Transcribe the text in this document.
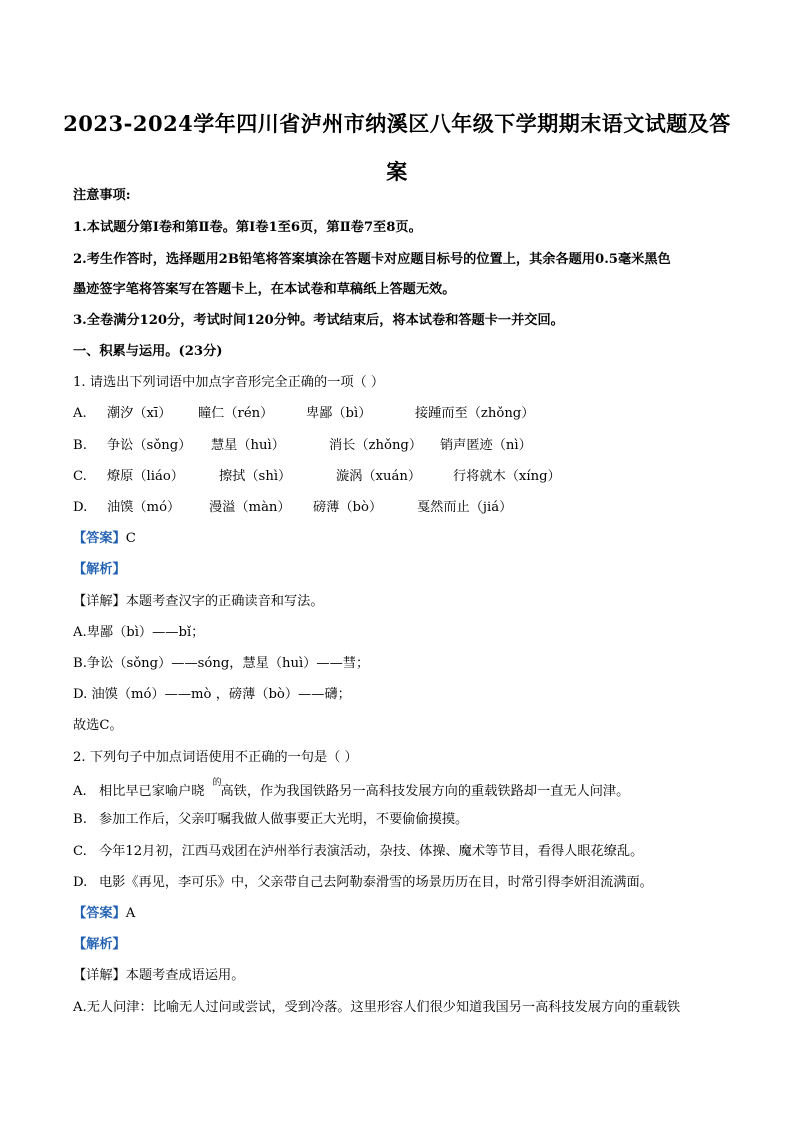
2023-2024学年四川省泸州市纳溪区八年级下学期期末语文试题及答案
注意事项:
1.本试题分第Ⅰ卷和第Ⅱ卷。第Ⅰ卷1至6页，第Ⅱ卷7至8页。
2.考生作答时，选择题用2B铅笔将答案填涂在答题卡对应题目标号的位置上，其余各题用0.5毫米黑色
墨迹签字笔将答案写在答题卡上，在本试卷和草稿纸上答题无效。
3.全卷满分120分，考试时间120分钟。考试结束后，将本试卷和答题卡一并交回。
一、积累与运用。(23分)
1. 请选出下列词语中加点字音形完全正确的一项（ ）
A. 潮汐（xī） 瞳仁（rén） 卑鄙（bì）	接踵而至（zhǒng）
B. 争讼（sǒng） 慧星（huì）	消长（zhǒng） 销声匿迹（nì）
C. 燎原（liáo）	擦拭（shì）	漩涡（xuán） 行将就木（xíng）
D. 油馍（mó） 漫溢（màn） 磅薄（bò）	戛然而止（jiá）
【答案】C
【解析】
【详解】本题考查汉字的正确读音和写法。
A.卑鄙（bì）——bǐ；
B.争讼（sǒng）——sóng，慧星（huì）——彗；
D. 油馍（mó）——mò ，磅薄（bò）——礴；
故选C。
2. 下列句子中加点词语使用不正确的一句是（ ）
A. 相比早已家喻户晓
的
高铁，作为我国铁路另一高科技发展方向的重载铁路却一直无人问津。
B. 参加工作后，父亲叮嘱我做人做事要正大光明，不要偷偷摸摸。
C. 今年12月初，江西马戏团在泸州举行表演活动，杂技、体操、魔术等节目，看得人眼花缭乱。
D. 电影《再见，李可乐》中，父亲带自己去阿勒泰滑雪的场景历历在目，时常引得李妍泪流满面。
【答案】A
【解析】
【详解】本题考查成语运用。
A.无人问津：比喻无人过问或尝试，受到冷落。这里形容人们很少知道我国另一高科技发展方向的重载铁
